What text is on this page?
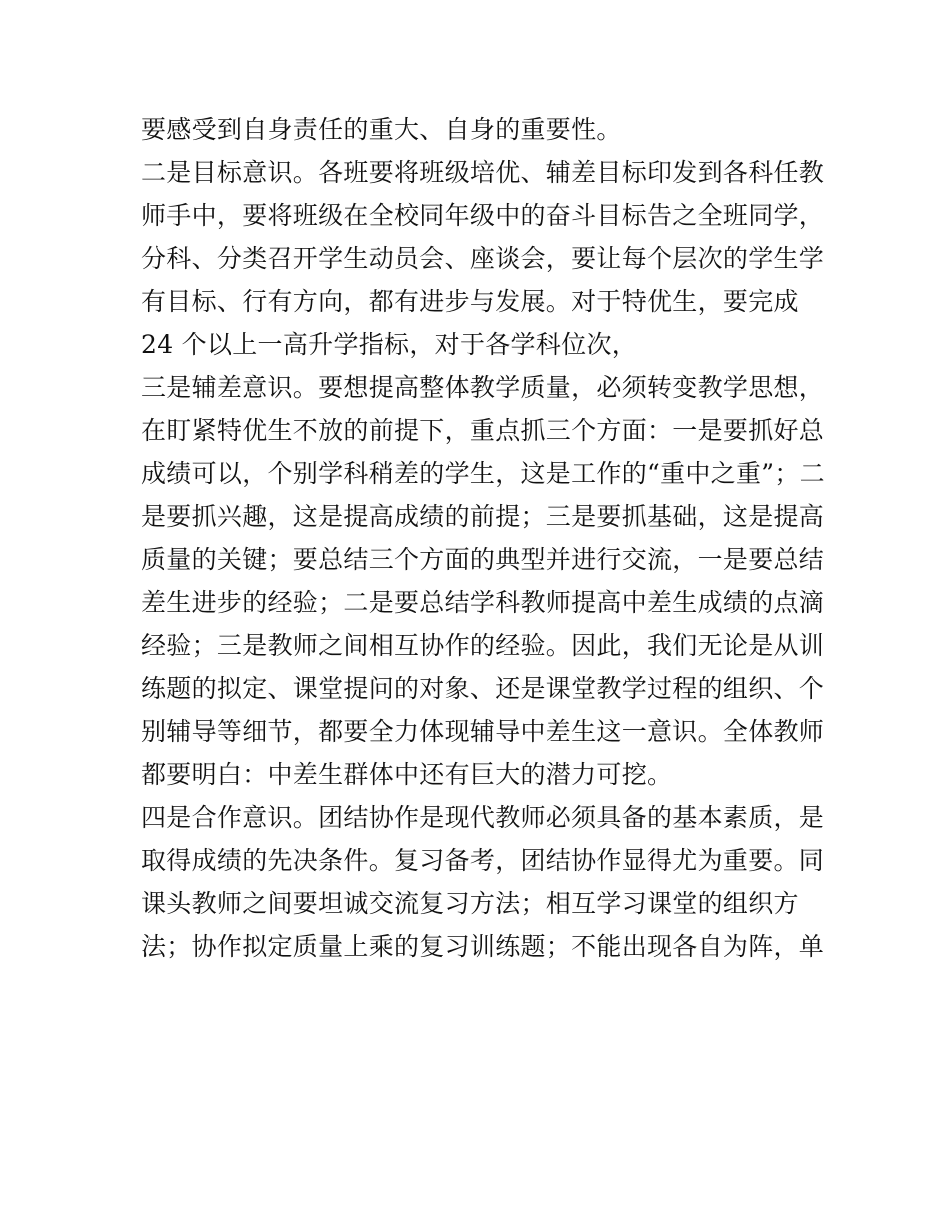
要感受到自身责任的重大、自身的重要性。
二是目标意识。各班要将班级培优、辅差目标印发到各科任教
师手中，要将班级在全校同年级中的奋斗目标告之全班同学，
分科、分类召开学生动员会、座谈会，要让每个层次的学生学
有目标、行有方向，都有进步与发展。对于特优生，要完成
24 个以上一高升学指标，对于各学科位次，
三是辅差意识。要想提高整体教学质量，必须转变教学思想，
在盯紧特优生不放的前提下，重点抓三个方面：一是要抓好总
成绩可以，个别学科稍差的学生，这是工作的“重中之重”；二
是要抓兴趣，这是提高成绩的前提；三是要抓基础，这是提高
质量的关键；要总结三个方面的典型并进行交流，一是要总结
差生进步的经验；二是要总结学科教师提高中差生成绩的点滴
经验；三是教师之间相互协作的经验。因此，我们无论是从训
练题的拟定、课堂提问的对象、还是课堂教学过程的组织、个
别辅导等细节，都要全力体现辅导中差生这一意识。全体教师
都要明白：中差生群体中还有巨大的潜力可挖。
四是合作意识。团结协作是现代教师必须具备的基本素质，是
取得成绩的先决条件。复习备考，团结协作显得尤为重要。同
课头教师之间要坦诚交流复习方法；相互学习课堂的组织方
法；协作拟定质量上乘的复习训练题；不能出现各自为阵，单
